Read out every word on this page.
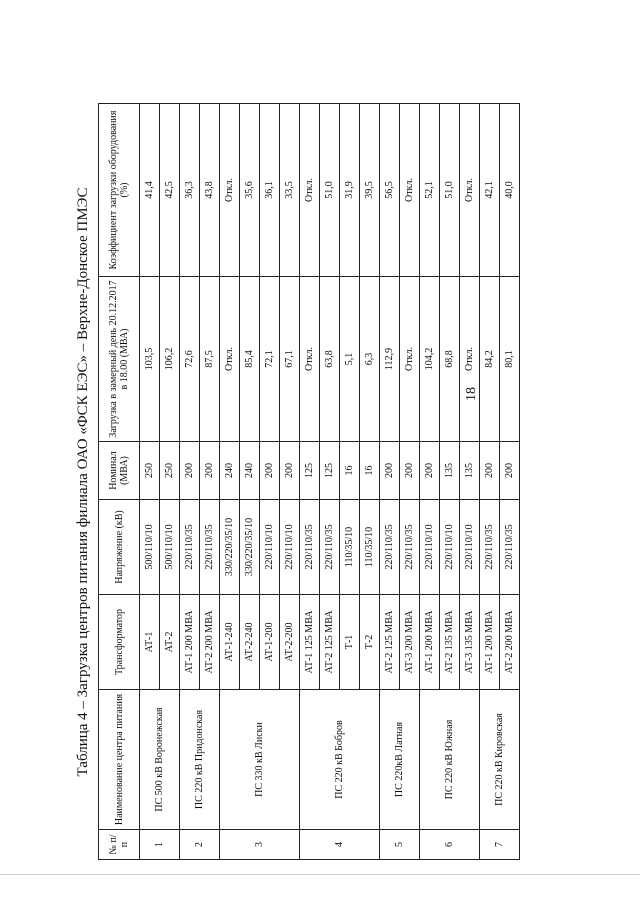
18
Таблица 4 – Загрузка центров питания филиала ОАО «ФСК ЕЭС» – Верхне-Донское ПМЭС
№ п/п	Наименование центра питания	Трансформатор	Напряжение (кВ)	Номинал (МВА)	Загрузка в замерный день 20.12.2017 в 18.00 (МВА)	Коэффициент загрузки оборудования (%)
1	ПС 500 кВ Воронежская	АТ-1	500/110/10	250	103,5	41,4
		АТ-2	500/110/10	250	106,2	42,5
2	ПС 220 кВ Придонская	АТ-1 200 МВА	220/110/35	200	72,6	36,3
		АТ-2 200 МВА	220/110/35	200	87,5	43,8
3	ПС 330 кВ Лиски	АТ-1-240	330/220/35/10	240	Откл.	Откл.
		АТ-2-240	330/220/35/10	240	85,4	35,6
		АТ-1-200	220/110/10	200	72,1	36,1
		АТ-2-200	220/110/10	200	67,1	33,5
4	ПС 220 кВ Бобров	АТ-1 125 МВА	220/110/35	125	Откл.	Откл.
		АТ-2 125 МВА	220/110/35	125	63,8	51,0
		Т-1	110/35/10	16	5,1	31,9
		Т-2	110/35/10	16	6,3	39,5
5	ПС 220кВ Латная	АТ-2 125 МВА	220/110/35	200	112,9	56,5
		АТ-3 200 МВА	220/110/35	200	Откл.	Откл.
6	ПС 220 кВ Южная	АТ-1 200 МВА	220/110/10	200	104,2	52,1
		АТ-2 135 МВА	220/110/10	135	68,8	51,0
		АТ-3 135 МВА	220/110/10	135	Откл.	Откл.
7	ПС 220 кВ Кировская	АТ-1 200 МВА	220/110/35	200	84,2	42,1
		АТ-2 200 МВА	220/110/35	200	80,1	40,0
